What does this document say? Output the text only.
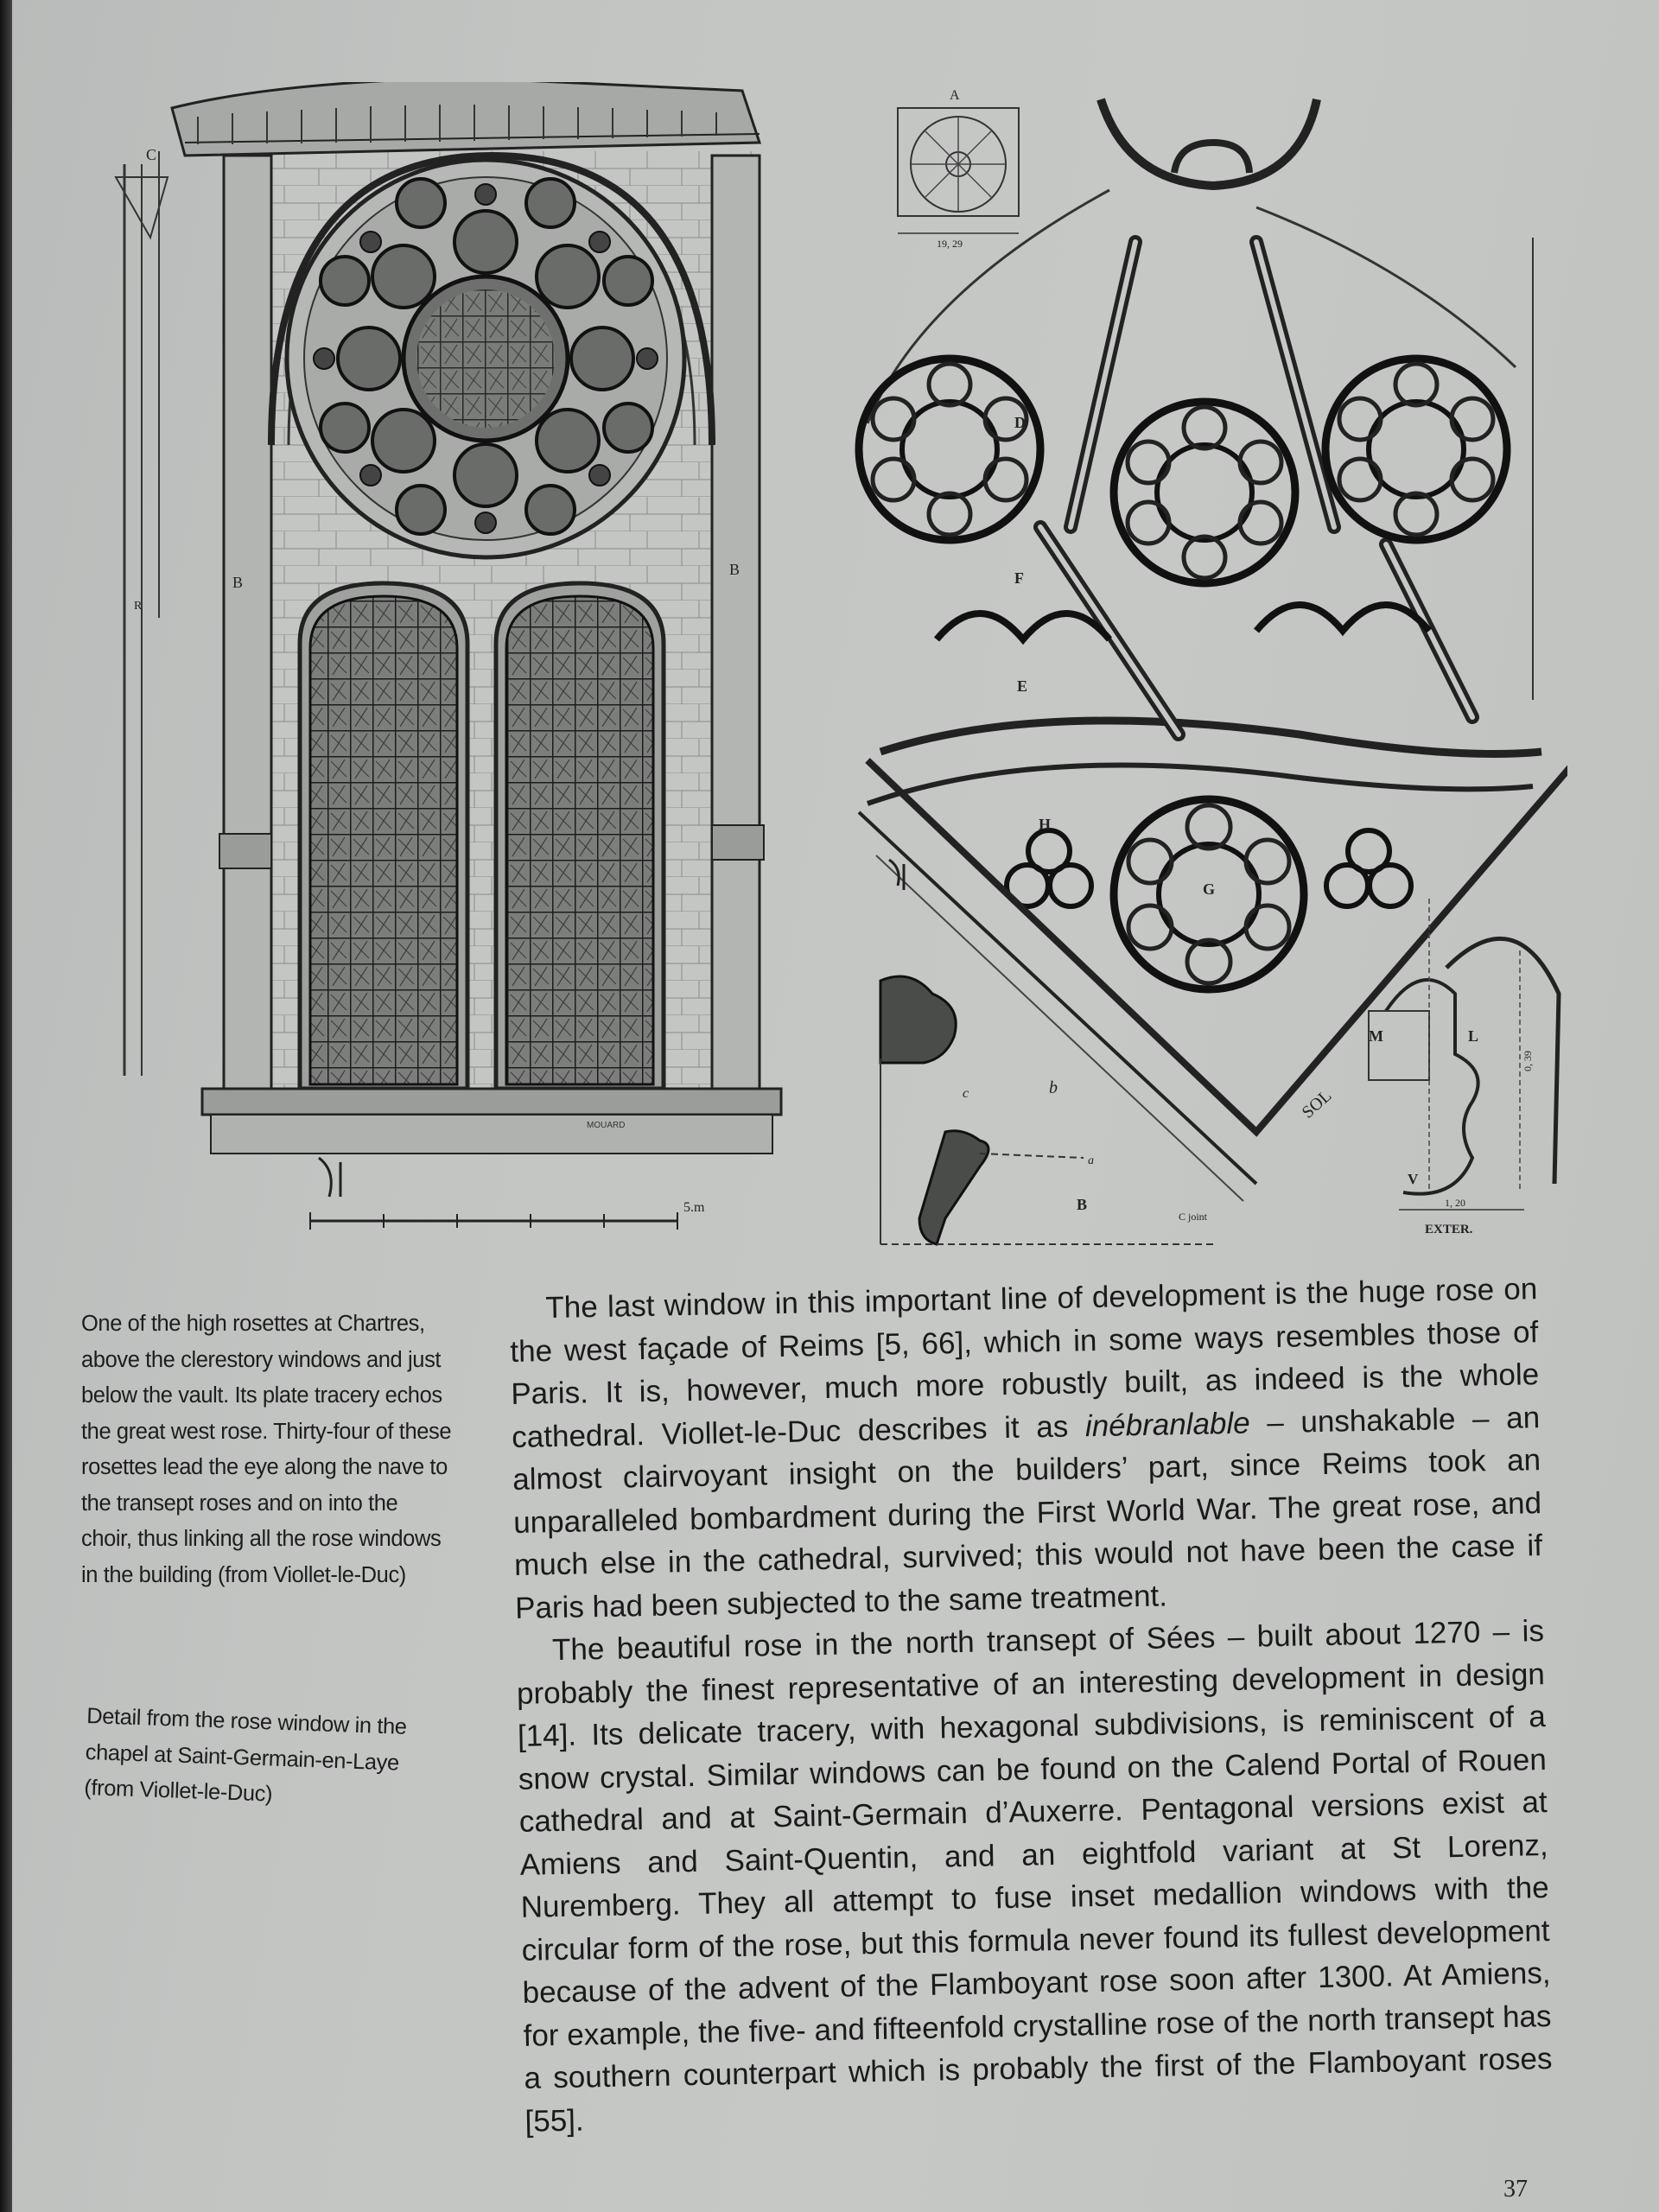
C
R
B
B
MOUARD
5.m
A
19, 29
D
F
E
H
G
c	b
a
B
C joint
SOL
M	L
V
1, 20
0, 39
EXTER.

One of the high rosettes at Chartres, above the clerestory windows and just below the vault. Its plate tracery echos the great west rose. Thirty-four of these rosettes lead the eye along the nave to the transept roses and on into the choir, thus linking all the rose windows in the building (from Viollet-le-Duc)

Detail from the rose window in the chapel at Saint-Germain-en-Laye (from Viollet-le-Duc)

The last window in this important line of development is the huge rose on the west façade of Reims [5, 66], which in some ways resembles those of Paris. It is, however, much more robustly built, as indeed is the whole cathedral. Viollet-le-Duc describes it as inébranlable – unshakable – an almost clairvoyant insight on the builders’ part, since Reims took an unparalleled bombardment during the First World War. The great rose, and much else in the cathedral, survived; this would not have been the case if Paris had been subjected to the same treatment.

The beautiful rose in the north transept of Sées – built about 1270 – is probably the finest representative of an interesting development in design [14]. Its delicate tracery, with hexagonal subdivisions, is reminiscent of a snow crystal. Similar windows can be found on the Calend Portal of Rouen cathedral and at Saint-Germain d’Auxerre. Pentagonal versions exist at Amiens and Saint-Quentin, and an eightfold variant at St Lorenz, Nuremberg. They all attempt to fuse inset medallion windows with the circular form of the rose, but this formula never found its fullest development because of the advent of the Flamboyant rose soon after 1300. At Amiens, for example, the five- and fifteenfold crystalline rose of the north transept has a southern counterpart which is probably the first of the Flamboyant roses [55].

37
